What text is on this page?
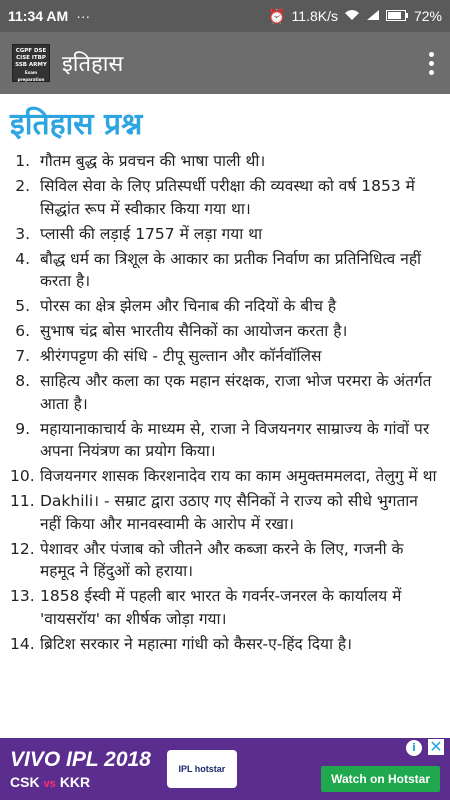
11:34 AM ···	⏰ 11.8K/s	72%
CGPF DSE
CISE ITBP
SSB ARMY
Exam preparation
इतिहास
इतिहास प्रश्न
1. गौतम बुद्ध के प्रवचन की भाषा पाली थी।
2. सिविल सेवा के लिए प्रतिस्पर्धी परीक्षा की व्यवस्था को वर्ष 1853 में सिद्धांत रूप में स्वीकार किया गया था।
3. प्लासी की लड़ाई 1757 में लड़ा गया था
4. बौद्ध धर्म का त्रिशूल के आकार का प्रतीक निर्वाण का प्रतिनिधित्व नहीं करता है।
5. पोरस का क्षेत्र झेलम और चिनाब की नदियों के बीच है
6. सुभाष चंद्र बोस भारतीय सैनिकों का आयोजन करता है।
7. श्रीरंगपट्टण की संधि - टीपू सुल्तान और कॉर्नवॉलिस
8. साहित्य और कला का एक महान संरक्षक, राजा भोज परमरा के अंतर्गत आता है।
9. महायानाकाचार्य के माध्यम से, राजा ने विजयनगर साम्राज्य के गांवों पर अपना नियंत्रण का प्रयोग किया।
10. विजयनगर शासक किरशनादेव राय का काम अमुक्तममलदा, तेलुगु में था
11. Dakhili। - सम्राट द्वारा उठाए गए सैनिकों ने राज्य को सीधे भुगतान नहीं किया और मानवस्वामी के आरोप में रखा।
12. पेशावर और पंजाब को जीतने और कब्जा करने के लिए, गजनी के महमूद ने हिंदुओं को हराया।
13. 1858 ईस्वी में पहली बार भारत के गवर्नर-जनरल के कार्यालय में 'वायसरॉय' का शीर्षक जोड़ा गया।
14. ब्रिटिश सरकार ने महात्मा गांधी को कैसर-ए-हिंद दिया है।
VIVO IPL 2018
CSK vs KKR
IPL hotstar
Watch on Hotstar
i ✕
